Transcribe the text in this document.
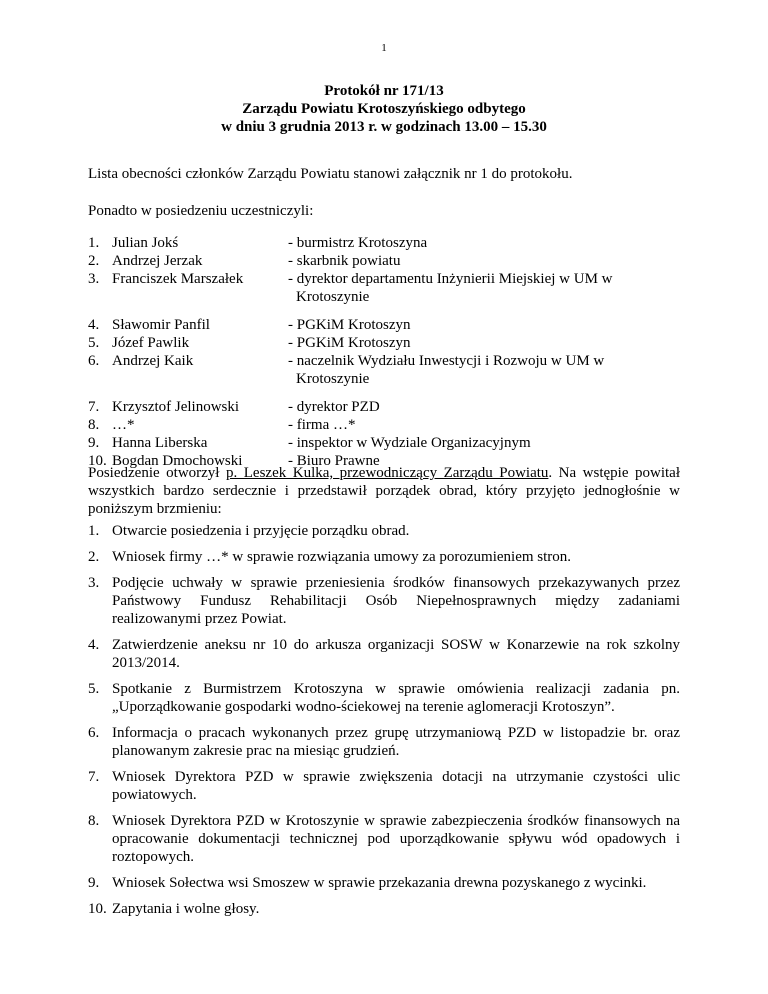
1
Protokół nr 171/13
Zarządu Powiatu Krotoszyńskiego odbytego
w dniu 3 grudnia 2013 r. w godzinach 13.00 – 15.30
Lista obecności członków Zarządu Powiatu stanowi załącznik nr 1 do protokołu.
Ponadto w posiedzeniu uczestniczyli:
1. Julian Jokś	- burmistrz Krotoszyna
2. Andrzej Jerzak	- skarbnik powiatu
3. Franciszek Marszałek	- dyrektor departamentu Inżynierii Miejskiej w UM w
Krotoszynie
4. Sławomir Panfil	- PGKiM Krotoszyn
5. Józef Pawlik	- PGKiM Krotoszyn
6. Andrzej Kaik	- naczelnik Wydziału Inwestycji i Rozwoju w UM w
Krotoszynie
7. Krzysztof Jelinowski	- dyrektor PZD
8. …*	- firma …*
9. Hanna Liberska	- inspektor w Wydziale Organizacyjnym
10. Bogdan Dmochowski	- Biuro Prawne
Posiedzenie otworzył p. Leszek Kulka, przewodniczący Zarządu Powiatu. Na wstępie powitał wszystkich bardzo serdecznie i przedstawił porządek obrad, który przyjęto jednogłośnie w poniższym brzmieniu:
1. Otwarcie posiedzenia i przyjęcie porządku obrad.
2. Wniosek firmy …* w sprawie rozwiązania umowy za porozumieniem stron.
3. Podjęcie uchwały w sprawie przeniesienia środków finansowych przekazywanych przez Państwowy Fundusz Rehabilitacji Osób Niepełnosprawnych między zadaniami realizowanymi przez Powiat.
4. Zatwierdzenie aneksu nr 10 do arkusza organizacji SOSW w Konarzewie na rok szkolny 2013/2014.
5. Spotkanie z Burmistrzem Krotoszyna w sprawie omówienia realizacji zadania pn. „Uporządkowanie gospodarki wodno-ściekowej na terenie aglomeracji Krotoszyn”.
6. Informacja o pracach wykonanych przez grupę utrzymaniową PZD w listopadzie br. oraz planowanym zakresie prac na miesiąc grudzień.
7. Wniosek Dyrektora PZD w sprawie zwiększenia dotacji na utrzymanie czystości ulic powiatowych.
8. Wniosek Dyrektora PZD w Krotoszynie w sprawie zabezpieczenia środków finansowych na opracowanie dokumentacji technicznej pod uporządkowanie spływu wód opadowych i roztopowych.
9. Wniosek Sołectwa wsi Smoszew w sprawie przekazania drewna pozyskanego z wycinki.
10. Zapytania i wolne głosy.
